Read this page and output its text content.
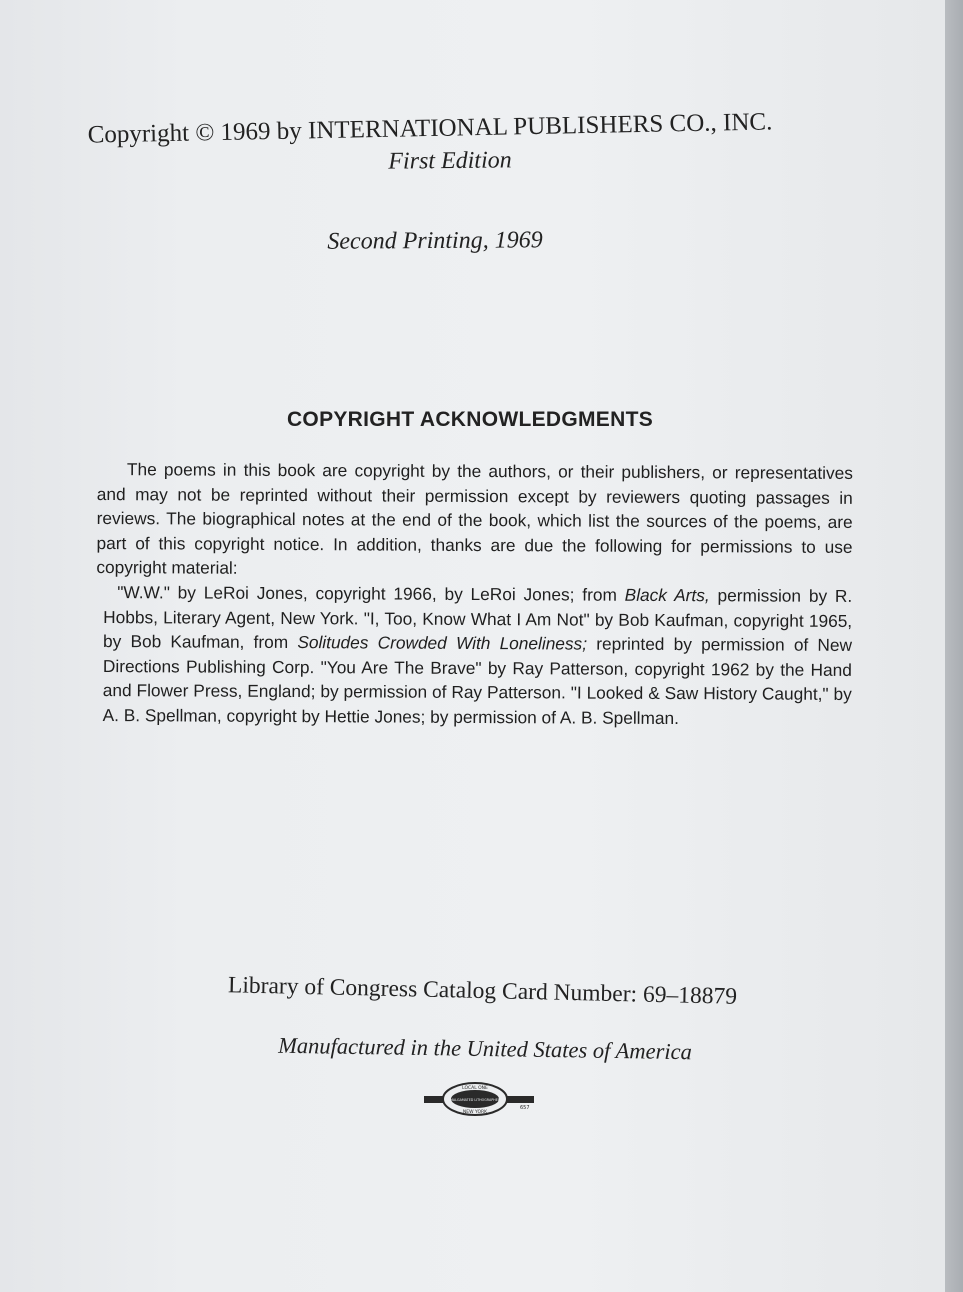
Copyright © 1969 by INTERNATIONAL PUBLISHERS CO., INC.
First Edition
Second Printing, 1969
COPYRIGHT ACKNOWLEDGMENTS

The poems in this book are copyright by the authors, or their publishers, or representatives and may not be reprinted without their permission except by reviewers quoting passages in reviews. The biographical notes at the end of the book, which list the sources of the poems, are part of this copyright notice. In addition, thanks are due the following for permissions to use copyright material:

"W.W." by LeRoi Jones, copyright 1966, by LeRoi Jones; from Black Arts, permission by R. Hobbs, Literary Agent, New York. "I, Too, Know What I Am Not" by Bob Kaufman, copyright 1965, by Bob Kaufman, from Solitudes Crowded With Loneliness; reprinted by permission of New Directions Publishing Corp. "You Are The Brave" by Ray Patterson, copyright 1962 by the Hand and Flower Press, England; by permission of Ray Patterson. "I Looked & Saw History Caught," by A. B. Spellman, copyright by Hettie Jones; by permission of A. B. Spellman.

Library of Congress Catalog Card Number: 69–18879
Manufactured in the United States of America
LOCAL ONE
AMALGAMATED LITHOGRAPHERS
NEW YORK
657
